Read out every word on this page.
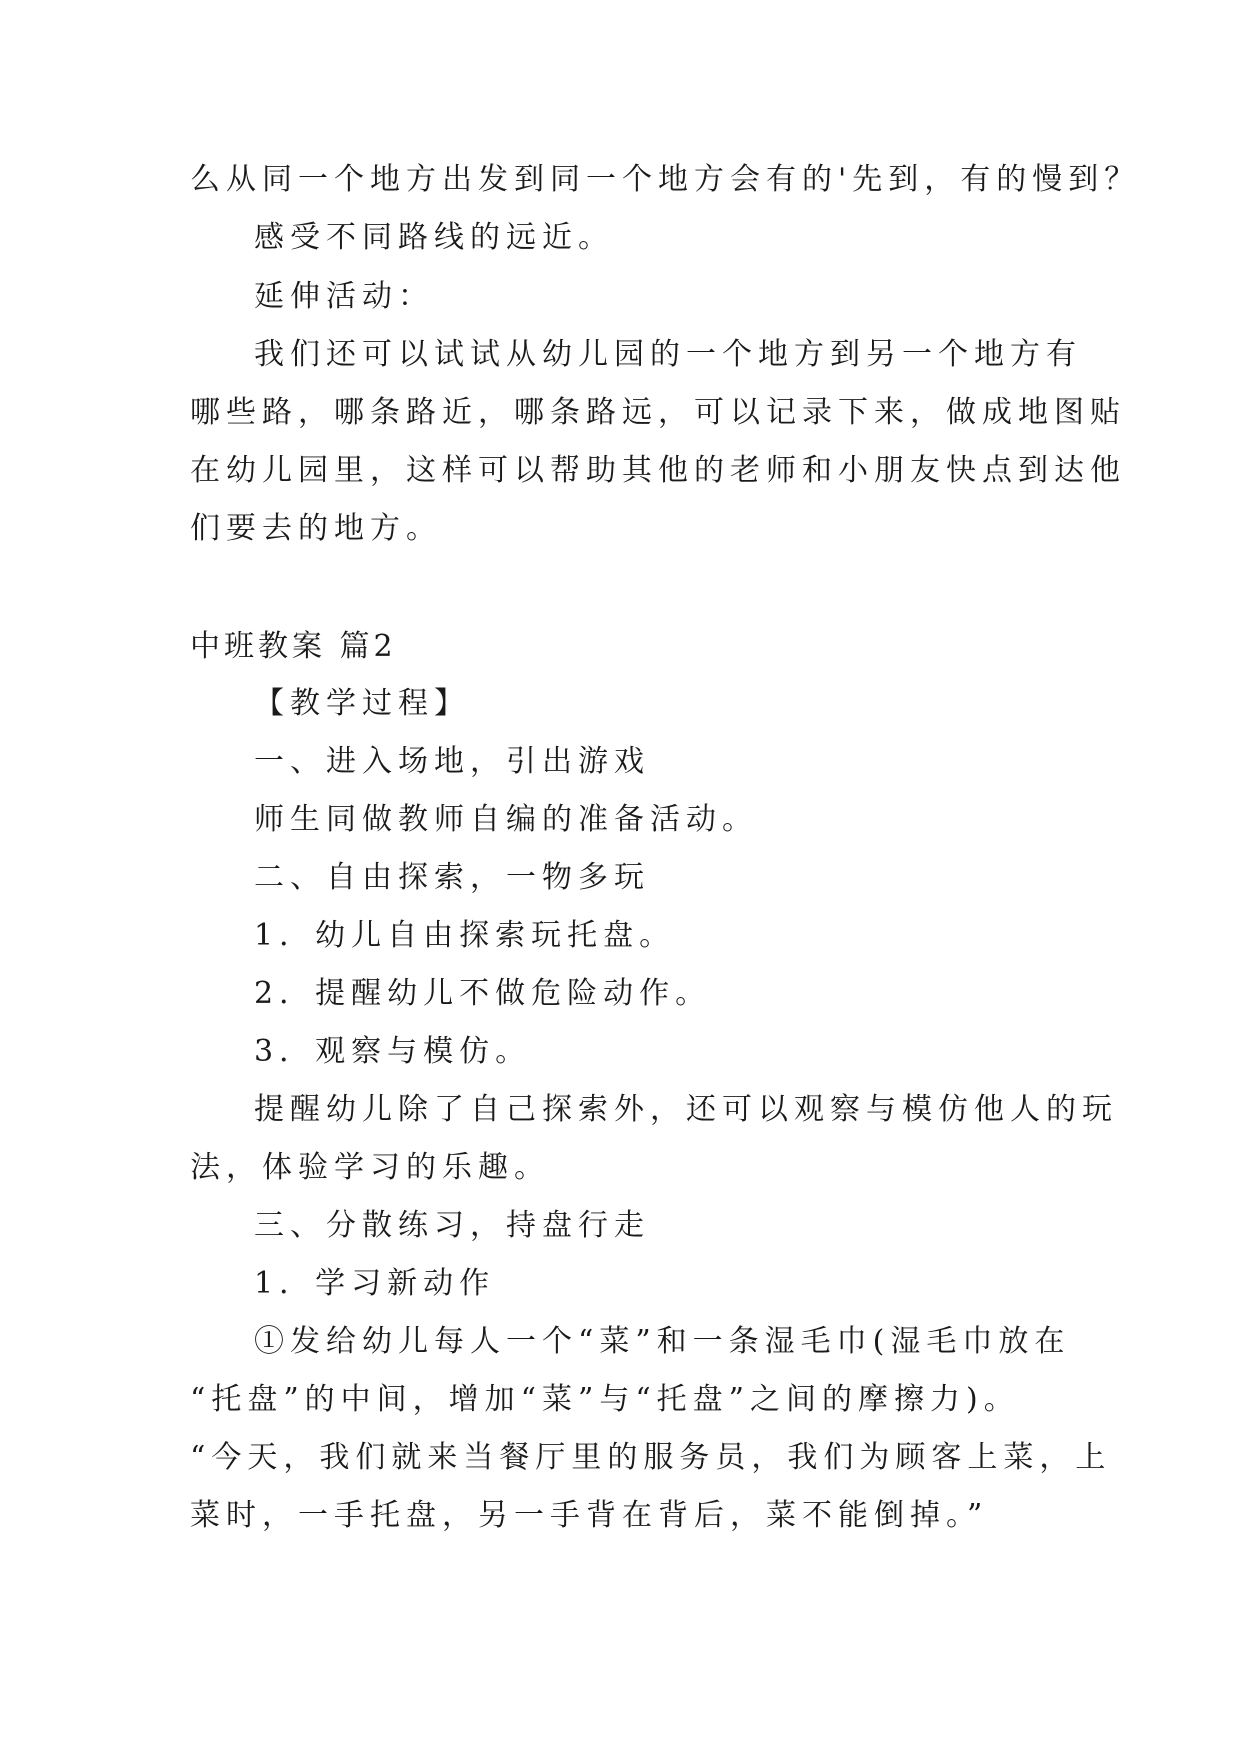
么从同一个地方出发到同一个地方会有的'先到，有的慢到？
感受不同路线的远近。
延伸活动：
我们还可以试试从幼儿园的一个地方到另一个地方有
哪些路，哪条路近，哪条路远，可以记录下来，做成地图贴
在幼儿园里，这样可以帮助其他的老师和小朋友快点到达他
们要去的地方。
中班教案 篇2
【教学过程】
一、进入场地，引出游戏
师生同做教师自编的准备活动。
二、自由探索，一物多玩
1．幼儿自由探索玩托盘。
2．提醒幼儿不做危险动作。
3．观察与模仿。
提醒幼儿除了自己探索外，还可以观察与模仿他人的玩
法，体验学习的乐趣。
三、分散练习，持盘行走
1．学习新动作
①发给幼儿每人一个“菜”和一条湿毛巾(湿毛巾放在
“托盘”的中间，增加“菜”与“托盘”之间的摩擦力)。
“今天，我们就来当餐厅里的服务员，我们为顾客上菜，上
菜时，一手托盘，另一手背在背后，菜不能倒掉。”
